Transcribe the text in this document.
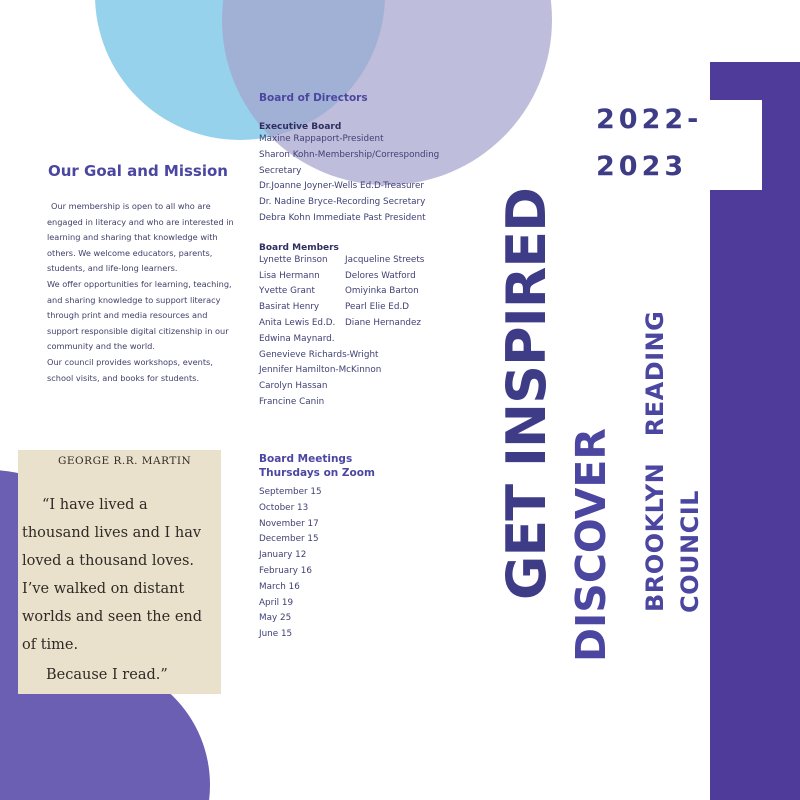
Our Goal and Mission

Our membership is open to all who are engaged in literacy and who are interested in learning and sharing that knowledge with others. We welcome educators, parents, students, and life-long learners.

We offer opportunities for learning, teaching, and sharing knowledge to support literacy through print and media resources and support responsible digital citizenship in our community and the world.

Our council provides workshops, events, school visits, and books for students.

GEORGE R.R. MARTIN
“I have lived a
thousand lives and I hav
loved a thousand loves.
I’ve walked on distant
worlds and seen the end
of time.
Because I read.”
Board of Directors
Executive Board
Maxine Rappaport-President
Sharon Kohn-Membership/Corresponding
Secretary
Dr.Joanne Joyner-Wells Ed.D-Treasurer
Dr. Nadine Bryce-Recording Secretary
Debra Kohn Immediate Past President
Board Members
Lynette Brinson	Jacqueline Streets
Lisa Hermann	Delores Watford
Yvette Grant	Omiyinka Barton
Basirat Henry	Pearl Elie Ed.D
Anita Lewis Ed.D.	Diane Hernandez
Edwina Maynard.
Genevieve Richards-Wright
Jennifer Hamilton-McKinnon
Carolyn Hassan
Francine Canin
Board Meetings
Thursdays on Zoom
September 15
October 13
November 17
December 15
January 12
February 16
March 16
April 19
May 25
June 15
GET INSPIRED DISCOVER BROOKLYN   READING COUNCIL
2022-
2023
